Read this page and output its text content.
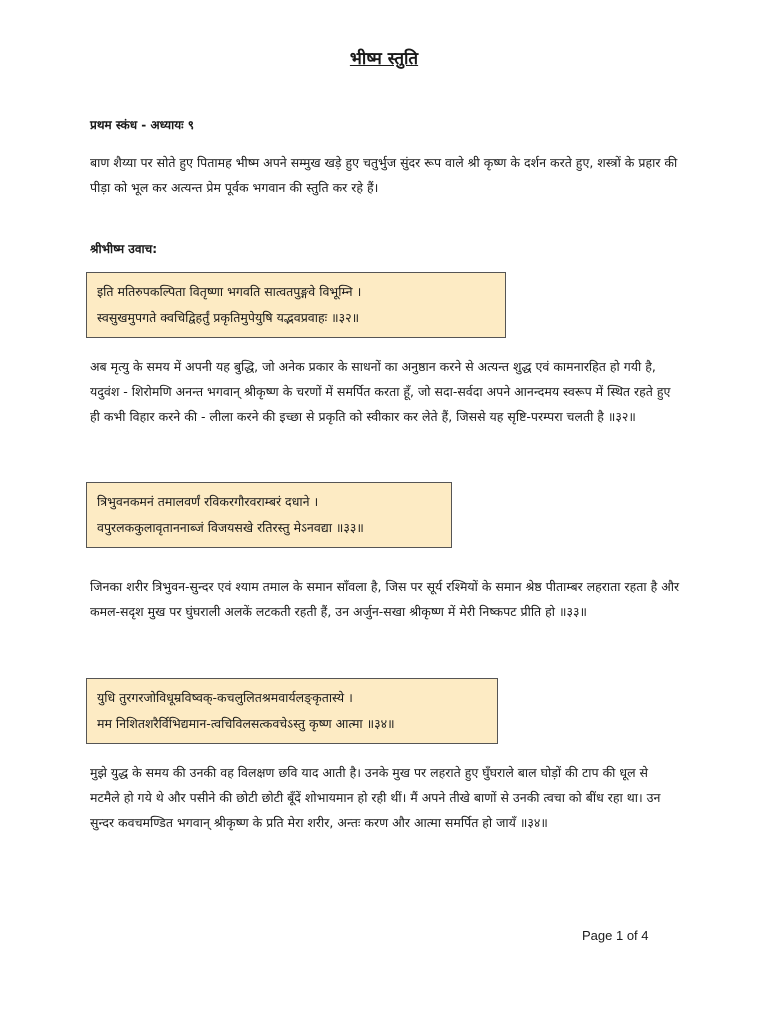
भीष्म स्तुति
प्रथम स्कंध - अध्यायः ९

बाण शैय्या पर सोते हुए पितामह भीष्म अपने सम्मुख खड़े हुए चतुर्भुज सुंदर रूप वाले श्री कृष्ण के दर्शन करते हुए, शस्त्रों के प्रहार की पीड़ा को भूल कर अत्यन्त प्रेम पूर्वक भगवान की स्तुति कर रहे हैं।

श्रीभीष्म उवाच:
इति मतिरुपकल्पिता वितृष्णा भगवति सात्वतपुङ्गवे विभूम्नि ।
स्वसुखमुपगते क्वचिद्विहर्तुं प्रकृतिमुपेयुषि यद्भवप्रवाहः ॥३२॥

अब मृत्यु के समय में अपनी यह बुद्धि, जो अनेक प्रकार के साधनों का अनुष्ठान करने से अत्यन्त शुद्ध एवं कामनारहित हो गयी है, यदुवंश - शिरोमणि अनन्त भगवान् श्रीकृष्ण के चरणों में समर्पित करता हूँ, जो सदा-सर्वदा अपने आनन्दमय स्वरूप में स्थित रहते हुए ही कभी विहार करने की - लीला करने की इच्छा से प्रकृति को स्वीकार कर लेते हैं, जिससे यह सृष्टि-परम्परा चलती है ॥३२॥

त्रिभुवनकमनं तमालवर्णं रविकरगौरवराम्बरं दधाने ।
वपुरलककुलावृताननाब्जं विजयसखे रतिरस्तु मेऽनवद्या ॥३३॥

जिनका शरीर त्रिभुवन-सुन्दर एवं श्याम तमाल के समान साँवला है, जिस पर सूर्य रश्मियों के समान श्रेष्ठ पीताम्बर लहराता रहता है और कमल-सदृश मुख पर घुंघराली अलकें लटकती रहती हैं, उन अर्जुन-सखा श्रीकृष्ण में मेरी निष्कपट प्रीति हो ॥३३॥

युधि तुरगरजोविधूम्रविष्वक्-कचलुलितश्रमवार्यलङ्कृतास्ये ।
मम निशितशरैर्विभिद्यमान-त्वचिविलसत्कवचेऽस्तु कृष्ण आत्मा ॥३४॥

मुझे युद्ध के समय की उनकी वह विलक्षण छवि याद आती है। उनके मुख पर लहराते हुए घुँघराले बाल घोड़ों की टाप की धूल से मटमैले हो गये थे और पसीने की छोटी छोटी बूँदें शोभायमान हो रही थीं। मैं अपने तीखे बाणों से उनकी त्वचा को बींध रहा था। उन सुन्दर कवचमण्डित भगवान् श्रीकृष्ण के प्रति मेरा शरीर, अन्तः करण और आत्मा समर्पित हो जायँ ॥३४॥

Page 1 of 4
